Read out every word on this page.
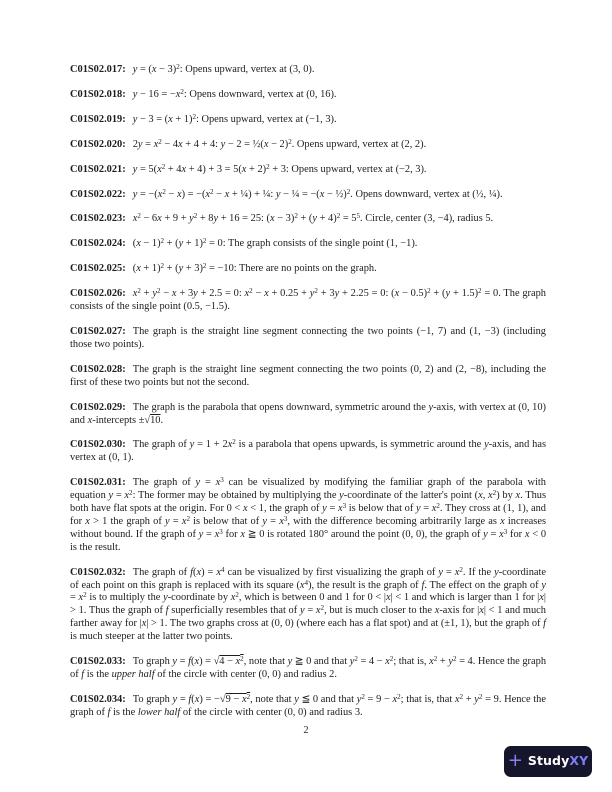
C01S02.017: $y = (x - 3)^2$: Opens upward, vertex at (3, 0).

C01S02.018: $y - 16 = -x^2$: Opens downward, vertex at (0, 16).

C01S02.019: $y - 3 = (x + 1)^2$: Opens upward, vertex at (−1, 3).

C01S02.020: $2y = x^2 - 4x + 4 + 4$: y − 2 = ½(x − 2)$^2$. Opens upward, vertex at (2, 2).

C01S02.021: $y = 5(x^2 + 4x + 4) + 3 = 5(x + 2)^2 + 3$: Opens upward, vertex at (−2, 3).

C01S02.022: $y = -(x^2 - x) = -(x^2 - x$ + ¼) + ¼: y − ¼ = −(x − ½)$^2$. Opens downward, vertex at (½, ¼).

C01S02.023: $x^2 - 6x + 9 + y^2 + 8y + 16 = 25$: $(x - 3)^2 + (y + 4)^2 = 5^5$. Circle, center (3, −4), radius 5.

C01S02.024: $(x - 1)^2 + (y + 1)^2 = 0$: The graph consists of the single point (1, −1).

C01S02.025: $(x + 1)^2 + (y + 3)^2 = -10$: There are no points on the graph.

C01S02.026: $x^2 + y^2 - x + 3y + 2.5 = 0$: $x^2 - x + 0.25 + y^2 + 3y + 2.25 = 0$: $(x - 0.5)^2 + (y + 1.5)^2 = 0$. The graph consists of the single point (0.5, −1.5).

C01S02.027: The graph is the straight line segment connecting the two points (−1, 7) and (1, −3) (including those two points).

C01S02.028: The graph is the straight line segment connecting the two points (0, 2) and (2, −8), including the first of these two points but not the second.

C01S02.029: The graph is the parabola that opens downward, symmetric around the y-axis, with vertex at (0, 10) and x-intercepts ±√10.

C01S02.030: The graph of $y = 1 + 2x^2$ is a parabola that opens upwards, is symmetric around the y-axis, and has vertex at (0, 1).

C01S02.031: The graph of $y = x^3$ can be visualized by modifying the familiar graph of the parabola with equation $y = x^2$: The former may be obtained by multiplying the y-coordinate of the latter's point (x, $x^2$) by x. Thus both have flat spots at the origin. For 0 < x < 1, the graph of $y = x^3$ is below that of $y = x^2$. They cross at (1, 1), and for x > 1 the graph of $y = x^2$ is below that of $y = x^3$, with the difference becoming arbitrarily large as x increases without bound. If the graph of $y = x^3$ for x ≧ 0 is rotated 180° around the point (0, 0), the graph of $y = x^3$ for x < 0 is the result.

C01S02.032: The graph of $f(x) = x^4$ can be visualized by first visualizing the graph of $y = x^2$. If the y-coordinate of each point on this graph is replaced with its square $(x^4)$, the result is the graph of f. The effect on the graph of $y = x^2$ is to multiply the y-coordinate by $x^2$, which is between 0 and 1 for 0 < |x| < 1 and which is larger than 1 for |x| > 1. Thus the graph of f superficially resembles that of $y = x^2$, but is much closer to the x-axis for |x| < 1 and much farther away for |x| > 1. The two graphs cross at (0, 0) (where each has a flat spot) and at (±1, 1), but the graph of f is much steeper at the latter two points.

C01S02.033: To graph $y = f(x) = √4 - x^2$, note that y ≧ 0 and that $y^2 = 4 - x^2$; that is, $x^2 + y^2 = 4$. Hence the graph of f is the upper half of the circle with center (0, 0) and radius 2.

C01S02.034: To graph $y = f(x) = -√9 - x^2$, note that y ≦ 0 and that $y^2 = 9 - x^2$; that is, that $x^2 + y^2 = 9$. Hence the graph of f is the lower half of the circle with center (0, 0) and radius 3.

2
+ StudyXY
